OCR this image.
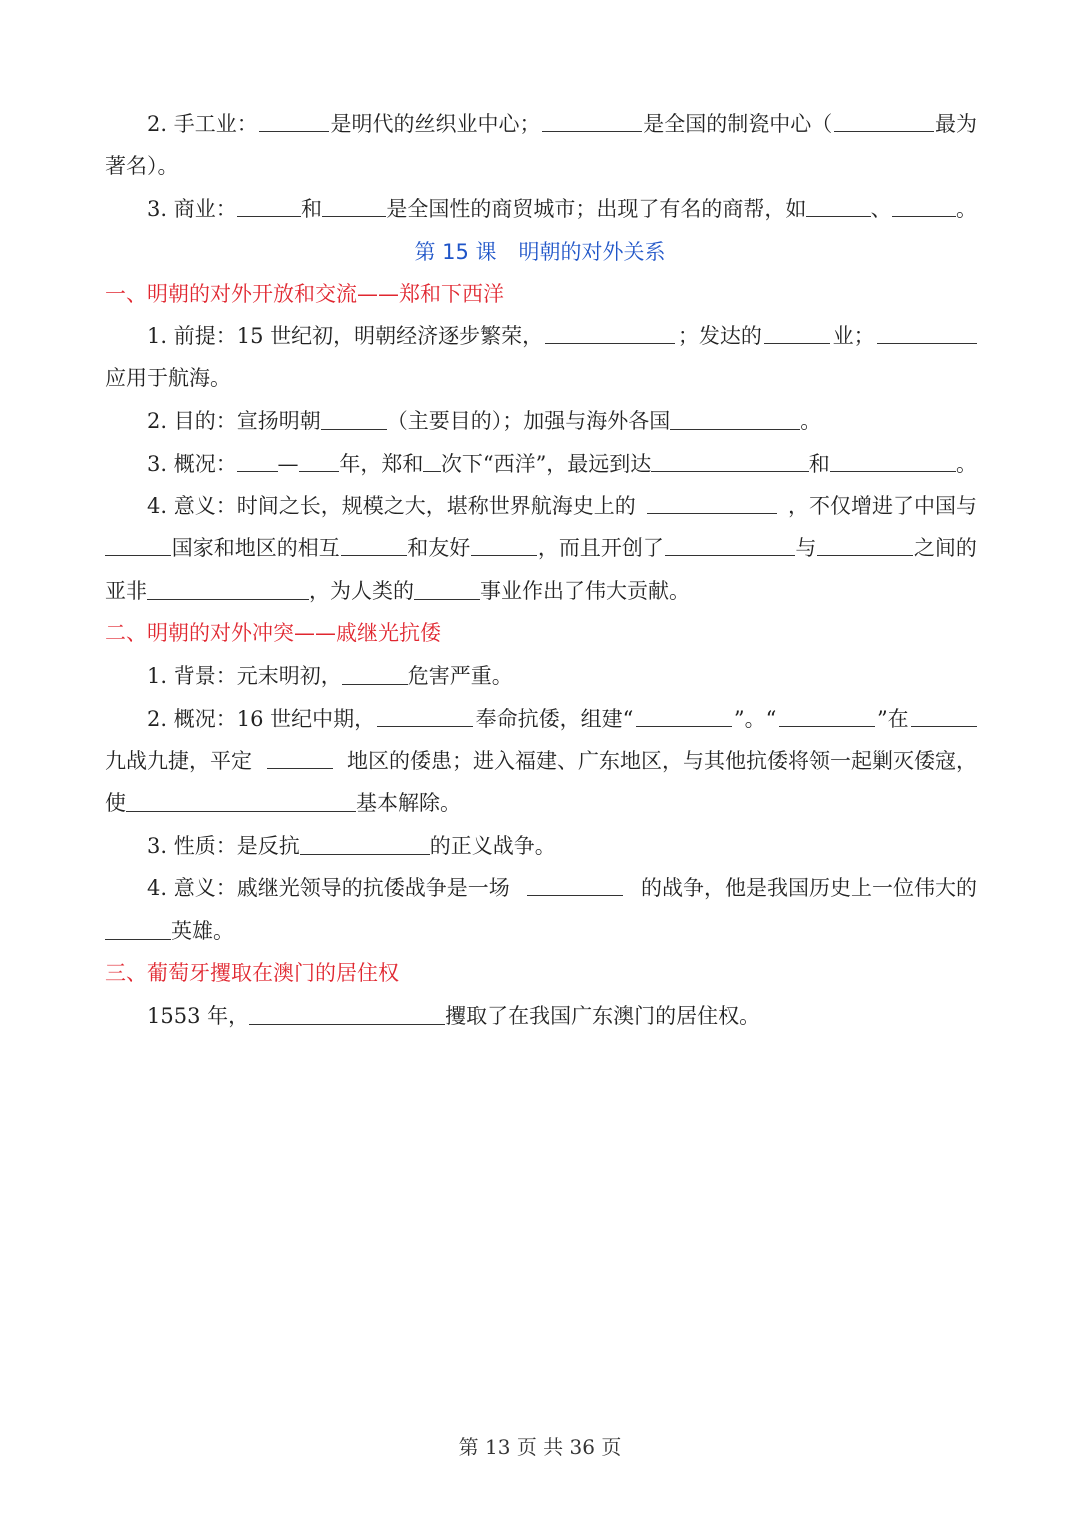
2. 手工业：	是明代的丝织业中心；	是全国的制瓷中心（	最为
著名）。
3. 商业：	和	是全国性的商贸城市；出现了有名的商帮，如	、	。
第 15 课 明朝的对外关系
一、明朝的对外开放和交流——郑和下西洋
1. 前提：15 世纪初，明朝经济逐步繁荣，	；发达的	业；
应用于航海。
2. 目的：宣扬明朝	（主要目的）；加强与海外各国	。
3. 概况： — 年，郑和 次下“西洋”，最远到达	和	。
4. 意义：时间之长，规模之大，堪称世界航海史上的	，不仅增进了中国与
国家和地区的相互	和友好	，而且开创了	与	之间的
亚非	，为人类的	事业作出了伟大贡献。
二、明朝的对外冲突——戚继光抗倭
1. 背景：元末明初，	危害严重。
2. 概况：16 世纪中期，	奉命抗倭，组建“	”。“	”在
九战九捷，平定	地区的倭患；进入福建、广东地区，与其他抗倭将领一起剿灭倭寇，
使	基本解除。
3. 性质：是反抗	的正义战争。
4. 意义：戚继光领导的抗倭战争是一场	的战争，他是我国历史上一位伟大的
英雄。
三、葡萄牙攫取在澳门的居住权
1553 年，	攫取了在我国广东澳门的居住权。
第 13 页 共 36 页
